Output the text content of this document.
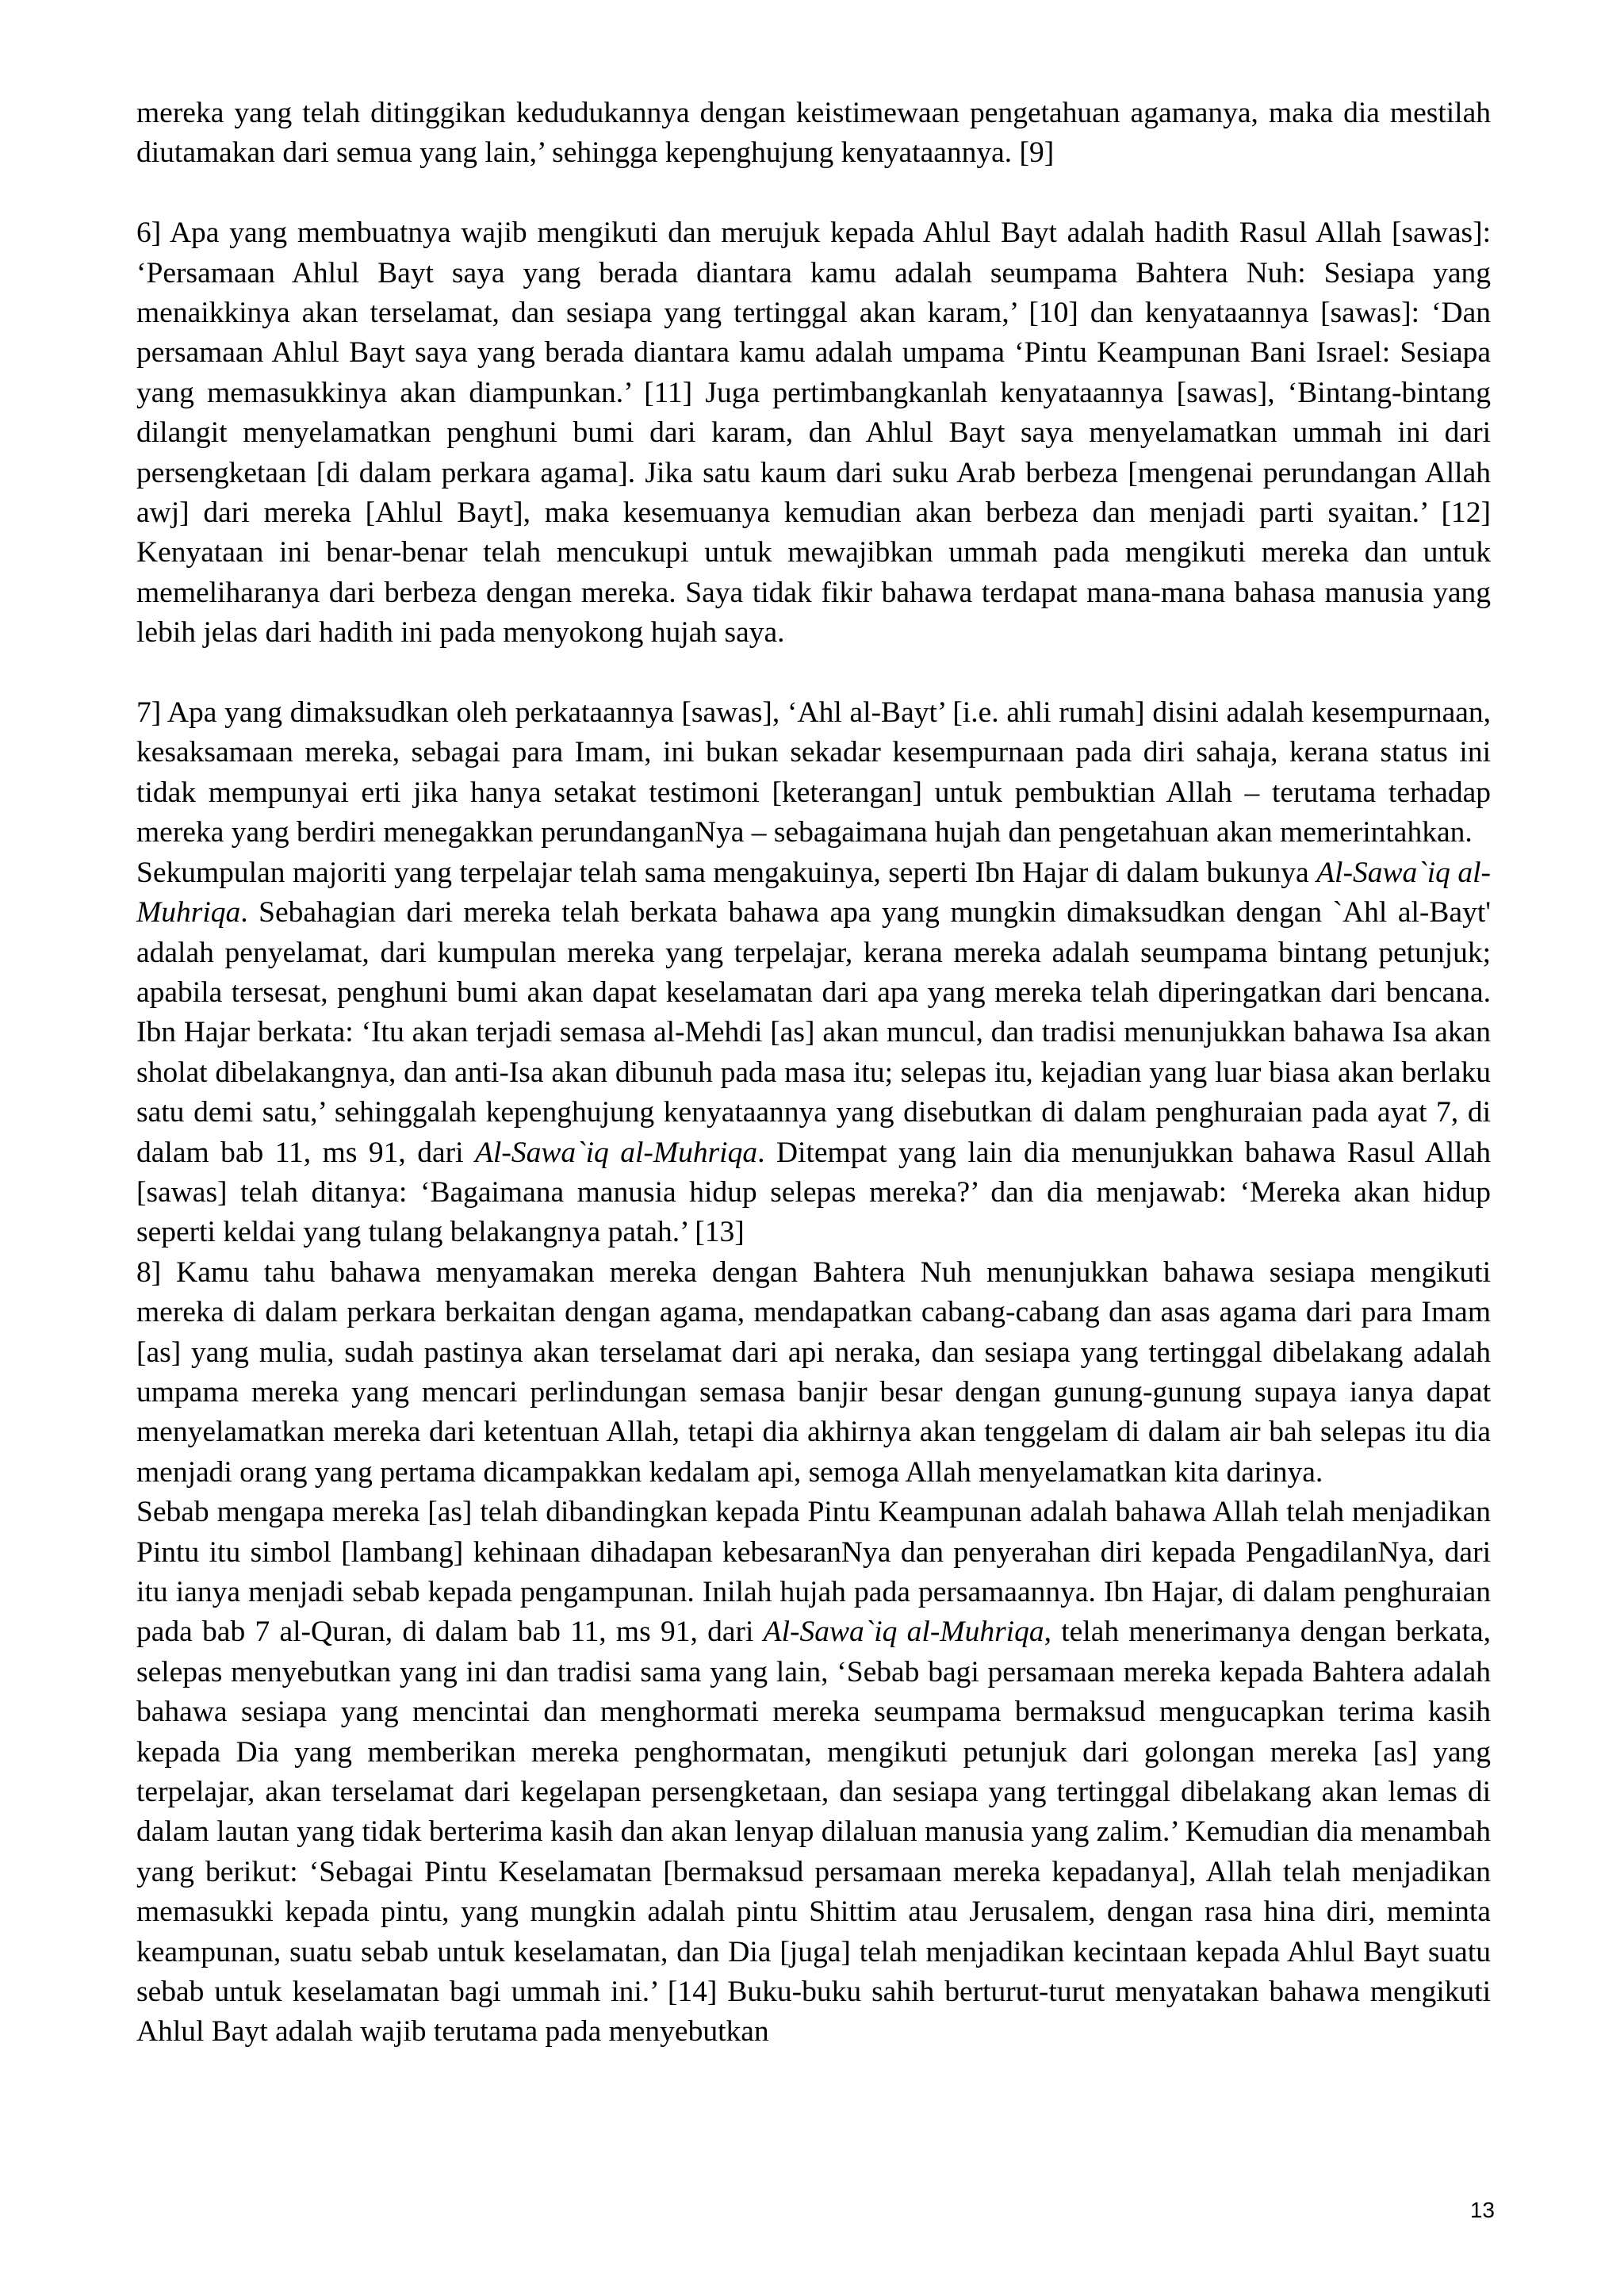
mereka yang telah ditinggikan kedudukannya dengan keistimewaan pengetahuan agamanya, maka dia mestilah diutamakan dari semua yang lain,’ sehingga kepenghujung kenyataannya. [9]

6] Apa yang membuatnya wajib mengikuti dan merujuk kepada Ahlul Bayt adalah hadith Rasul Allah [sawas]: ‘Persamaan Ahlul Bayt saya yang berada diantara kamu adalah seumpama Bahtera Nuh: Sesiapa yang menaikkinya akan terselamat, dan sesiapa yang tertinggal akan karam,’ [10] dan kenyataannya [sawas]: ‘Dan persamaan Ahlul Bayt saya yang berada diantara kamu adalah umpama ‘Pintu Keampunan Bani Israel: Sesiapa yang memasukkinya akan diampunkan.’ [11] Juga pertimbangkanlah kenyataannya [sawas], ‘Bintang-bintang dilangit menyelamatkan penghuni bumi dari karam, dan Ahlul Bayt saya menyelamatkan ummah ini dari persengketaan [di dalam perkara agama]. Jika satu kaum dari suku Arab berbeza [mengenai perundangan Allah awj] dari mereka [Ahlul Bayt], maka kesemuanya kemudian akan berbeza dan menjadi parti syaitan.’ [12] Kenyataan ini benar-benar telah mencukupi untuk mewajibkan ummah pada mengikuti mereka dan untuk memeliharanya dari berbeza dengan mereka. Saya tidak fikir bahawa terdapat mana-mana bahasa manusia yang lebih jelas dari hadith ini pada menyokong hujah saya.

7] Apa yang dimaksudkan oleh perkataannya [sawas], ‘Ahl al-Bayt’ [i.e. ahli rumah] disini adalah kesempurnaan, kesaksamaan mereka, sebagai para Imam, ini bukan sekadar kesempurnaan pada diri sahaja, kerana status ini tidak mempunyai erti jika hanya setakat testimoni [keterangan] untuk pembuktian Allah – terutama terhadap mereka yang berdiri menegakkan perundanganNya – sebagaimana hujah dan pengetahuan akan memerintahkan.

Sekumpulan majoriti yang terpelajar telah sama mengakuinya, seperti Ibn Hajar di dalam bukunya Al-Sawa`iq al-Muhriqa. Sebahagian dari mereka telah berkata bahawa apa yang mungkin dimaksudkan dengan `Ahl al-Bayt' adalah penyelamat, dari kumpulan mereka yang terpelajar, kerana mereka adalah seumpama bintang petunjuk; apabila tersesat, penghuni bumi akan dapat keselamatan dari apa yang mereka telah diperingatkan dari bencana. Ibn Hajar berkata: ‘Itu akan terjadi semasa al-Mehdi [as] akan muncul, dan tradisi menunjukkan bahawa Isa akan sholat dibelakangnya, dan anti-Isa akan dibunuh pada masa itu; selepas itu, kejadian yang luar biasa akan berlaku satu demi satu,’ sehinggalah kepenghujung kenyataannya yang disebutkan di dalam penghuraian pada ayat 7, di dalam bab 11, ms 91, dari Al-Sawa`iq al-Muhriqa. Ditempat yang lain dia menunjukkan bahawa Rasul Allah [sawas] telah ditanya: ‘Bagaimana manusia hidup selepas mereka?’ dan dia menjawab: ‘Mereka akan hidup seperti keldai yang tulang belakangnya patah.’ [13]

8] Kamu tahu bahawa menyamakan mereka dengan Bahtera Nuh menunjukkan bahawa sesiapa mengikuti mereka di dalam perkara berkaitan dengan agama, mendapatkan cabang-cabang dan asas agama dari para Imam [as] yang mulia, sudah pastinya akan terselamat dari api neraka, dan sesiapa yang tertinggal dibelakang adalah umpama mereka yang mencari perlindungan semasa banjir besar dengan gunung-gunung supaya ianya dapat menyelamatkan mereka dari ketentuan Allah, tetapi dia akhirnya akan tenggelam di dalam air bah selepas itu dia menjadi orang yang pertama dicampakkan kedalam api, semoga Allah menyelamatkan kita darinya.

Sebab mengapa mereka [as] telah dibandingkan kepada Pintu Keampunan adalah bahawa Allah telah menjadikan Pintu itu simbol [lambang] kehinaan dihadapan kebesaranNya dan penyerahan diri kepada PengadilanNya, dari itu ianya menjadi sebab kepada pengampunan. Inilah hujah pada persamaannya. Ibn Hajar, di dalam penghuraian pada bab 7 al-Quran, di dalam bab 11, ms 91, dari Al-Sawa`iq al-Muhriqa, telah menerimanya dengan berkata, selepas menyebutkan yang ini dan tradisi sama yang lain, ‘Sebab bagi persamaan mereka kepada Bahtera adalah bahawa sesiapa yang mencintai dan menghormati mereka seumpama bermaksud mengucapkan terima kasih kepada Dia yang memberikan mereka penghormatan, mengikuti petunjuk dari golongan mereka [as] yang terpelajar, akan terselamat dari kegelapan persengketaan, dan sesiapa yang tertinggal dibelakang akan lemas di dalam lautan yang tidak berterima kasih dan akan lenyap dilaluan manusia yang zalim.’ Kemudian dia menambah yang berikut: ‘Sebagai Pintu Keselamatan [bermaksud persamaan mereka kepadanya], Allah telah menjadikan memasukki kepada pintu, yang mungkin adalah pintu Shittim atau Jerusalem, dengan rasa hina diri, meminta keampunan, suatu sebab untuk keselamatan, dan Dia [juga] telah menjadikan kecintaan kepada Ahlul Bayt suatu sebab untuk keselamatan bagi ummah ini.’ [14] Buku-buku sahih berturut-turut menyatakan bahawa mengikuti Ahlul Bayt adalah wajib terutama pada menyebutkan

13
